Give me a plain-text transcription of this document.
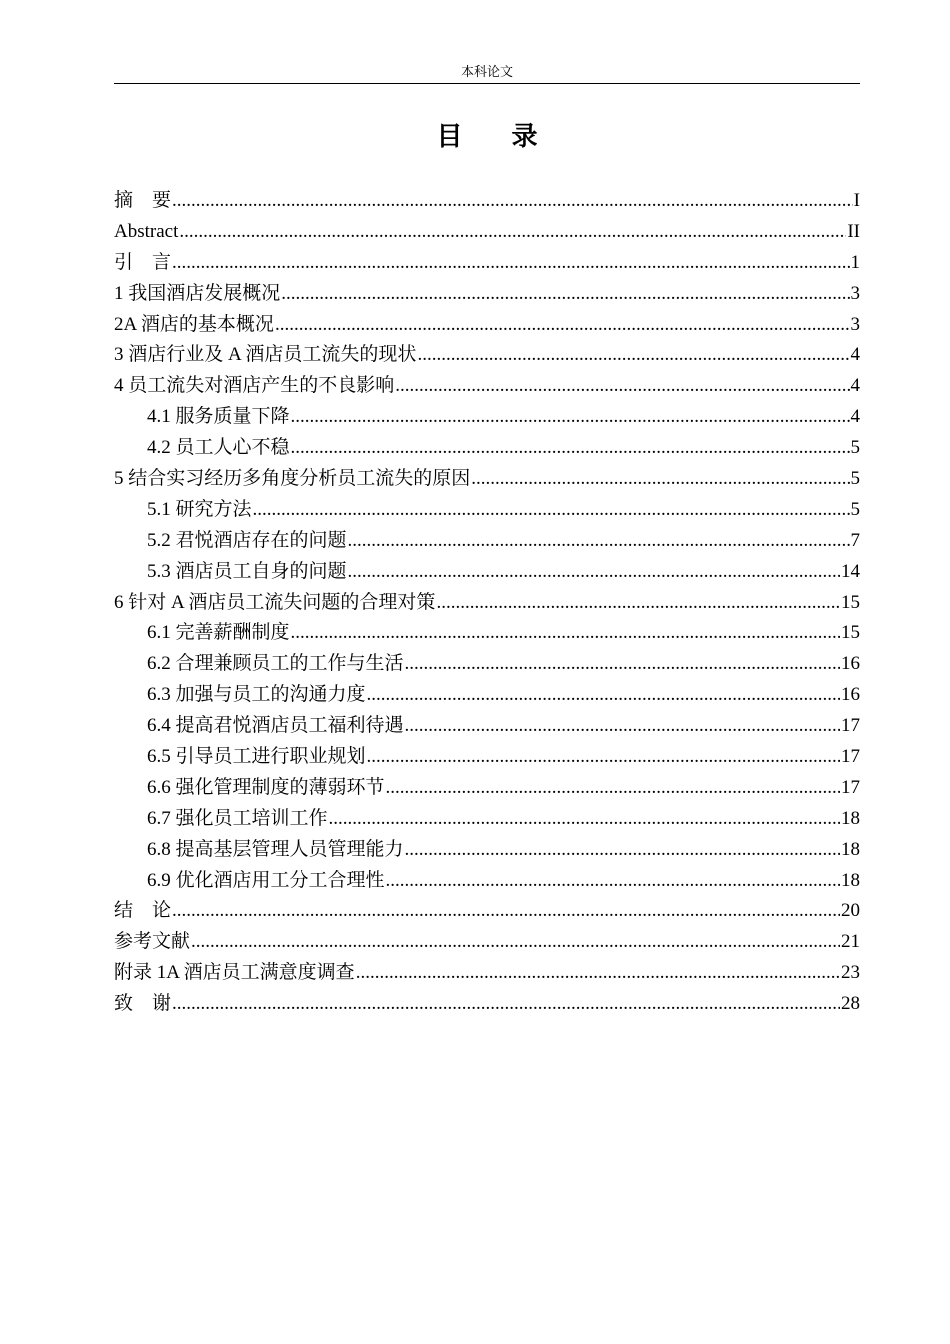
本科论文
目 录
摘　要 .....	I
Abstract .....	II
引　言 .....	1
1 我国酒店发展概况 .....	3
2A 酒店的基本概况 .....	3
3 酒店行业及 A 酒店员工流失的现状 .....	4
4 员工流失对酒店产生的不良影响 .....	4
4.1 服务质量下降 .....	4
4.2 员工人心不稳 .....	5
5 结合实习经历多角度分析员工流失的原因 .....	5
5.1 研究方法 .....	5
5.2 君悦酒店存在的问题 .....	7
5.3 酒店员工自身的问题 .....	14
6 针对 A 酒店员工流失问题的合理对策 .....	15
6.1 完善薪酬制度 .....	15
6.2 合理兼顾员工的工作与生活 .....	16
6.3 加强与员工的沟通力度 .....	16
6.4 提高君悦酒店员工福利待遇 .....	17
6.5 引导员工进行职业规划 .....	17
6.6 强化管理制度的薄弱环节 .....	17
6.7 强化员工培训工作 .....	18
6.8 提高基层管理人员管理能力 .....	18
6.9 优化酒店用工分工合理性 .....	18
结　论 .....	20
参考文献 .....	21
附录 1A 酒店员工满意度调查 .....	23
致　谢 .....	28
